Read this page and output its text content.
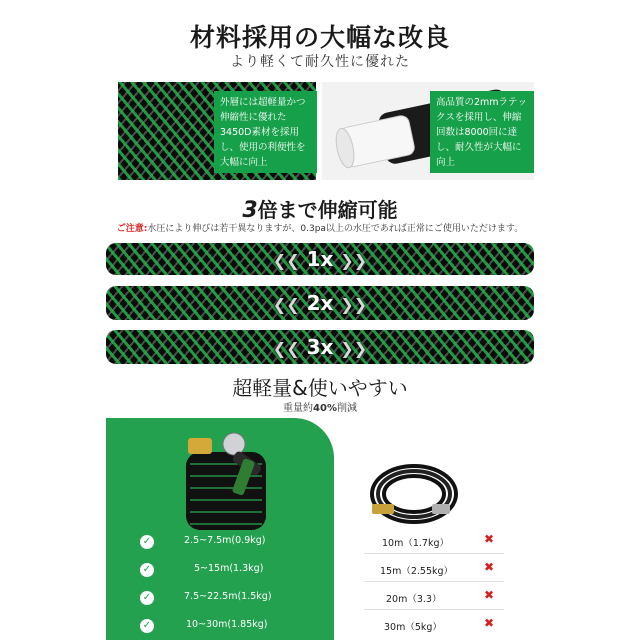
材料採用の大幅な改良
より軽くて耐久性に優れた
外層には超軽量かつ伸縮性に優れた3450D素材を採用し、使用の利便性を大幅に向上
高品質の2mmラテックスを採用し、伸縮回数は8000回に達し、耐久性が大幅に向上
3倍まで伸縮可能
ご注意:水圧により伸びは若干異なりますが、0.3pa以上の水圧であれば正常にご使用いただけます。
❮❮ 1x ❯❯
❮❮ 2x ❯❯
❮❮ 3x ❯❯
超軽量&使いやすい
重量約40%削減
✓	2.5~7.5m(0.9kg)
✓	5~15m(1.3kg)
✓	7.5~22.5m(1.5kg)
✓	10~30m(1.85kg)
10m（1.7kg）	✖
15m（2.55kg）	✖
20m（3.3）	✖
30m（5kg）	✖
